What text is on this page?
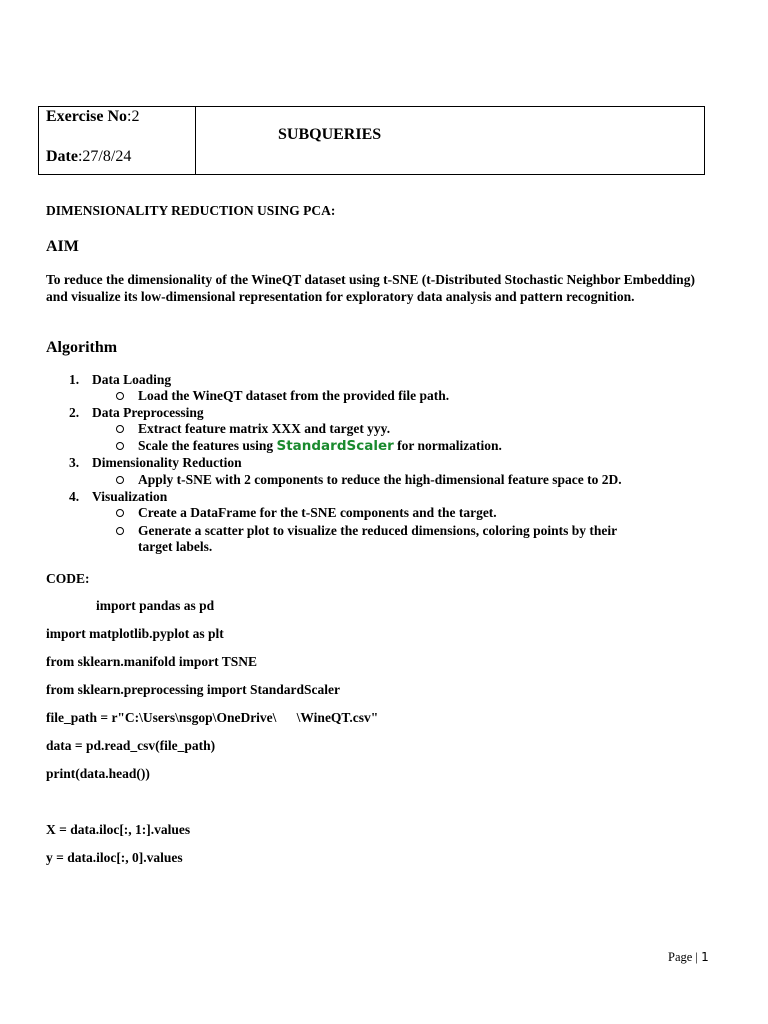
Exercise No:2
Date:27/8/24
SUBQUERIES
DIMENSIONALITY REDUCTION USING PCA:
AIM
To reduce the dimensionality of the WineQT dataset using t-SNE (t-Distributed Stochastic Neighbor Embedding) and visualize its low-dimensional representation for exploratory data analysis and pattern recognition.
Algorithm
1. Data Loading
Load the WineQT dataset from the provided file path.
2. Data Preprocessing
Extract feature matrix XXX and target yyy.
Scale the features using StandardScaler for normalization.
3. Dimensionality Reduction
Apply t-SNE with 2 components to reduce the high-dimensional feature space to 2D.
4. Visualization
Create a DataFrame for the t-SNE components and the target.
Generate a scatter plot to visualize the reduced dimensions, coloring points by their
target labels.
CODE:
import pandas as pd
import matplotlib.pyplot as plt
from sklearn.manifold import TSNE
from sklearn.preprocessing import StandardScaler
file_path = r"C:\Users\nsgop\OneDrive\      \WineQT.csv"
data = pd.read_csv(file_path)
print(data.head())
X = data.iloc[:, 1:].values
y = data.iloc[:, 0].values
Page | 1
